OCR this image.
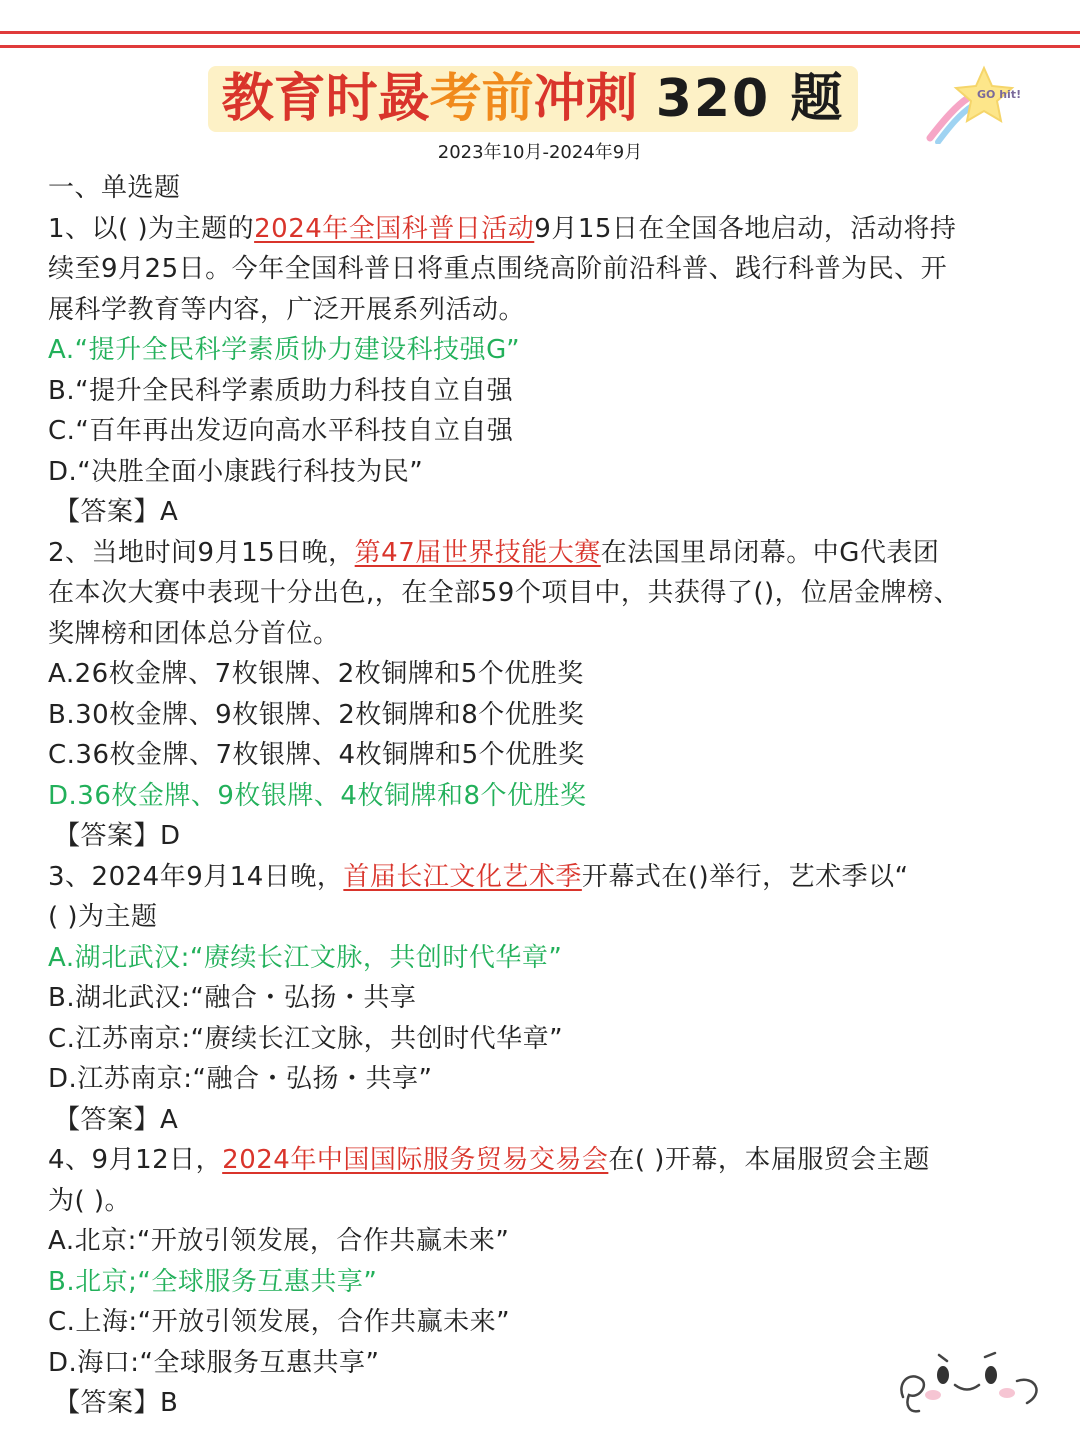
教育时晸 考前 冲刺 320 题	GO hit!
2023年10月-2024年9月
一、单选题
1、以( )为主题的2024年全国科普日活动9月15日在全国各地启动，活动将持
续至9月25日。今年全国科普日将重点围绕高阶前沿科普、践行科普为民、开
展科学教育等内容，广泛开展系列活动。
A.“提升全民科学素质协力建设科技强G”
B.“提升全民科学素质助力科技自立自强
C.“百年再出发迈向高水平科技自立自强
D.“决胜全面小康践行科技为民”
【答案】A
2、当地时间9月15日晚，第47届世界技能大赛在法国里昂闭幕。中G代表团
在本次大赛中表现十分出色,，在全部59个项目中，共获得了()，位居金牌榜、
奖牌榜和团体总分首位。
A.26枚金牌、7枚银牌、2枚铜牌和5个优胜奖
B.30枚金牌、9枚银牌、2枚铜牌和8个优胜奖
C.36枚金牌、7枚银牌、4枚铜牌和5个优胜奖
D.36枚金牌、9枚银牌、4枚铜牌和8个优胜奖
【答案】D
3、2024年9月14日晚，首届长江文化艺术季开幕式在()举行，艺术季以“
( )为主题
A.湖北武汉:“赓续长江文脉，共创时代华章”
B.湖北武汉:“融合・弘扬・共享
C.江苏南京:“赓续长江文脉，共创时代华章”
D.江苏南京:“融合・弘扬・共享”
【答案】A
4、9月12日，2024年中国国际服务贸易交易会在( )开幕，本届服贸会主题
为( )。
A.北京:“开放引领发展，合作共赢未来”
B.北京;“全球服务互惠共享”
C.上海:“开放引领发展，合作共赢未来”
D.海口:“全球服务互惠共享”
【答案】B
